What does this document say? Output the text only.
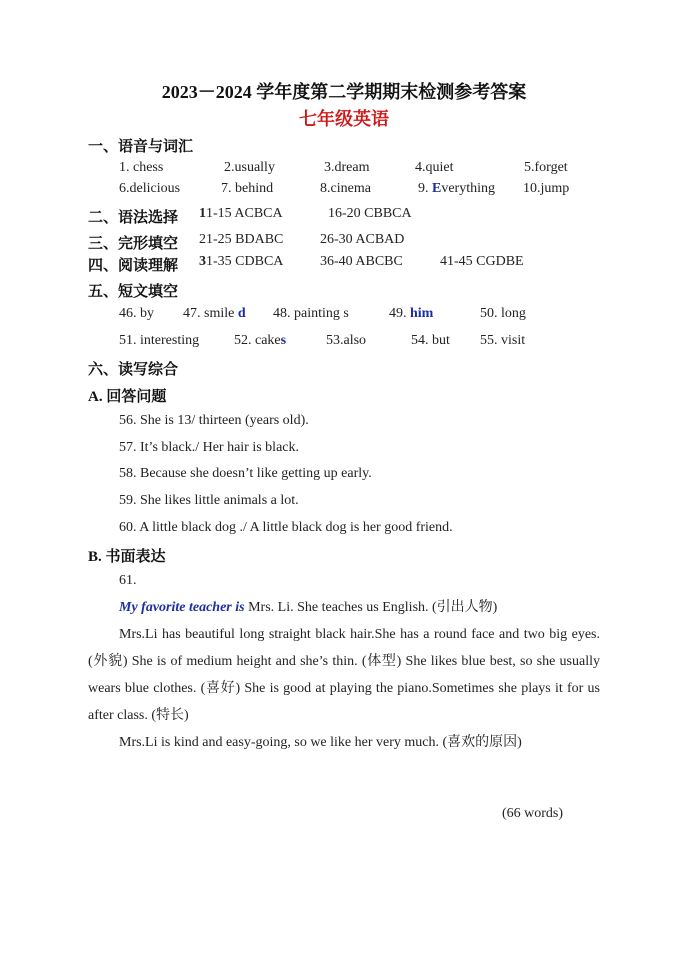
2023－2024 学年度第二学期期末检测参考答案
七年级英语
一、语音与词汇
1. chess	2.usually	3.dream	4.quiet	5.forget
6.delicious	7. behind	8.cinema	9. Everything 10.jump
二、语法选择 11-15 ACBCA	16-20 CBBCA
三、完形填空 21-25 BDABC	26-30 ACBAD
四、阅读理解 31-35 CDBCA	36-40 ABCBC	41-45 CGDBE
五、短文填空
46. by 47. smile d 48. painting s	49. him	50. long
51. interesting 52. cakes	53.also	54. but 55. visit
六、读写综合
A. 回答问题
56. She is 13/ thirteen (years old).
57. It’s black./ Her hair is black.
58. Because she doesn’t like getting up early.
59. She likes little animals a lot.
60. A little black dog ./ A little black dog is her good friend.
B. 书面表达
61.
My favorite teacher is Mrs. Li. She teaches us English. (引出人物)
Mrs.Li has beautiful long straight black hair.She has a round face and two big eyes. (外貌) She is of medium height and she’s thin. (体型) She likes blue best, so she usually wears blue clothes. (喜好) She is good at playing the piano.Sometimes she plays it for us after class. (特长)
Mrs.Li is kind and easy-going, so we like her very much. (喜欢的原因)
(66 words)
